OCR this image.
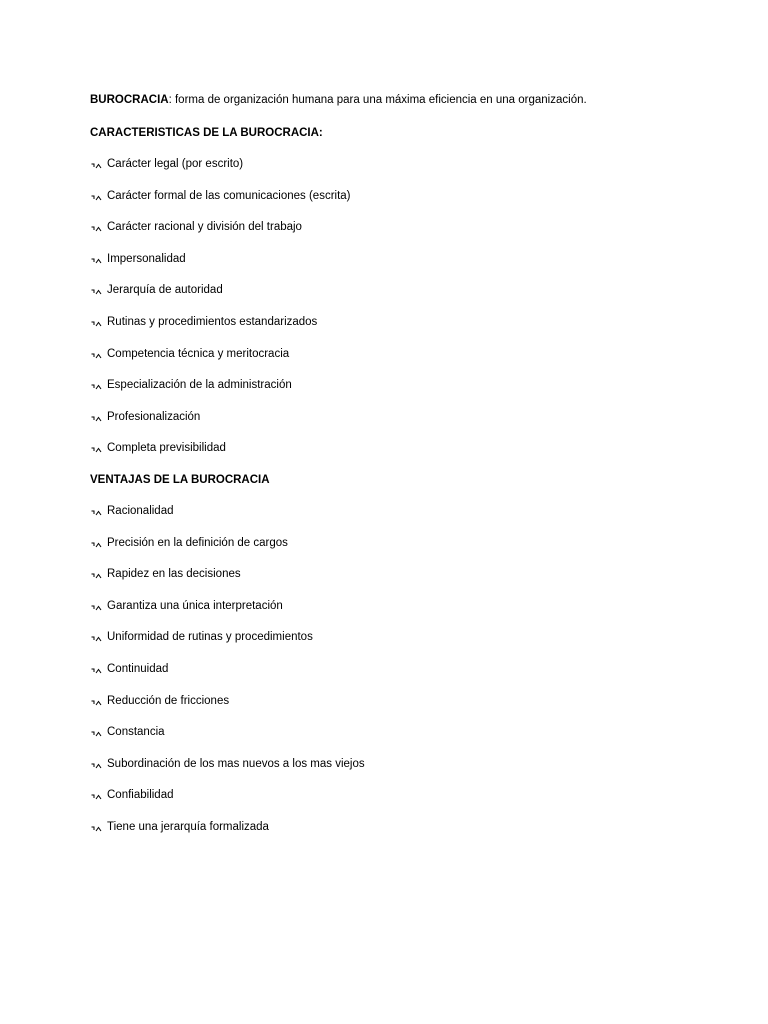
BUROCRACIA: forma de organización humana para una máxima eficiencia en una organización.

CARACTERISTICAS DE LA BUROCRACIA:
Carácter legal (por escrito)
Carácter formal de las comunicaciones (escrita)
Carácter racional y división del trabajo
Impersonalidad
Jerarquía de autoridad
Rutinas y procedimientos estandarizados
Competencia técnica y meritocracia
Especialización de la administración
Profesionalización
Completa previsibilidad
VENTAJAS DE LA BUROCRACIA
Racionalidad
Precisión en la definición de cargos
Rapidez en las decisiones
Garantiza una única interpretación
Uniformidad de rutinas y procedimientos
Continuidad
Reducción de fricciones
Constancia
Subordinación de los mas nuevos a los mas viejos
Confiabilidad
Tiene una jerarquía formalizada
